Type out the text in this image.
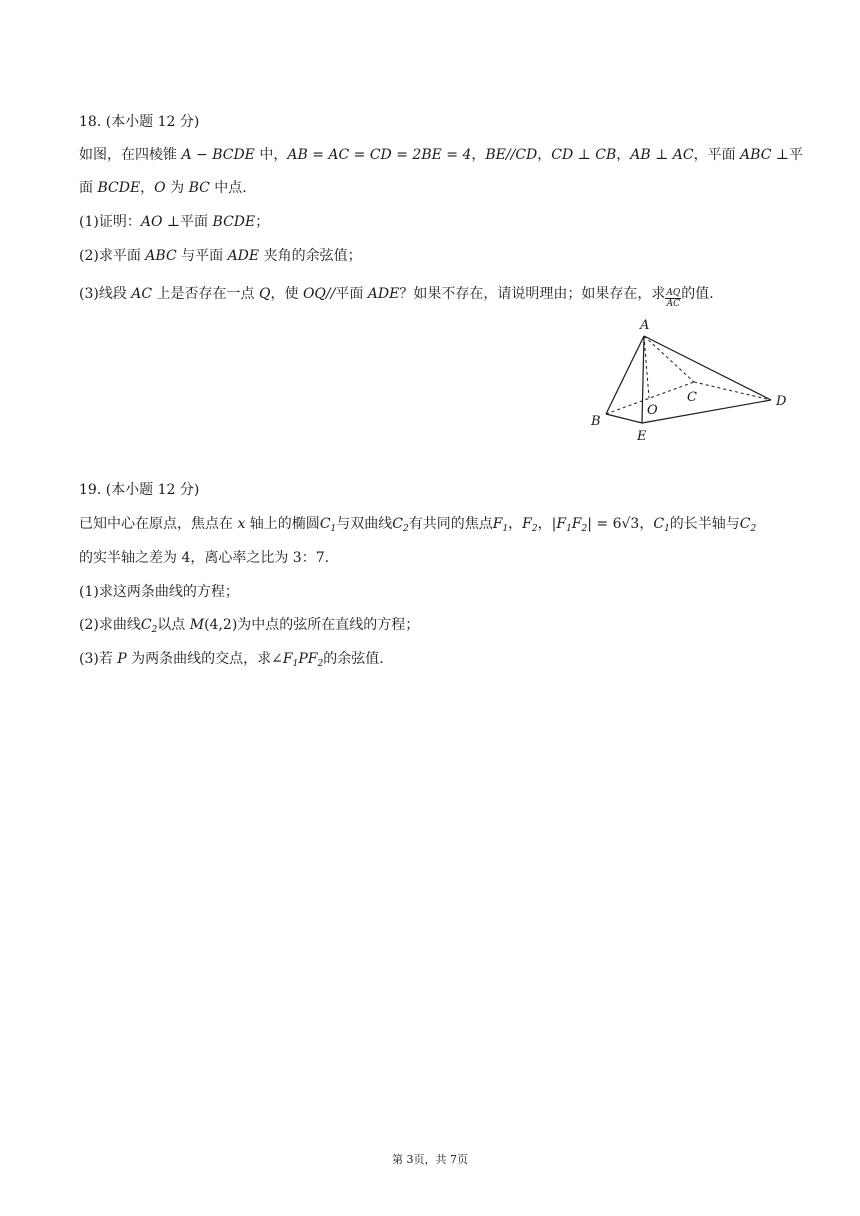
18. (本小题 12 分)
如图，在四棱锥 A − BCDE 中，AB = AC = CD = 2BE = 4，BE//CD，CD ⊥ CB，AB ⊥ AC，平面 ABC ⊥平
面 BCDE，O 为 BC 中点.
(1)证明：AO ⊥平面 BCDE；
(2)求平面 ABC 与平面 ADE 夹角的余弦值；
(3)线段 AC 上是否存在一点 Q，使 OQ//平面 ADE？如果不存在，请说明理由；如果存在，求 $\frac{AQ}{AC}$ 的值.
A
B
C	D
E
O
19. (本小题 12 分)
已知中心在原点，焦点在 x 轴上的椭圆$C_1$与双曲线$C_2$有共同的焦点$F_1$，$F_2$，$|F_1F_2| = 6√3$，$C_1$的长半轴与$C_2$
的实半轴之差为 4，离心率之比为 3：7.
(1)求这两条曲线的方程；
(2)求曲线$C_2$以点 M(4,2)为中点的弦所在直线的方程；
(3)若 P 为两条曲线的交点，求$\angle F_1PF_2$的余弦值.
第 3页，共 7页
